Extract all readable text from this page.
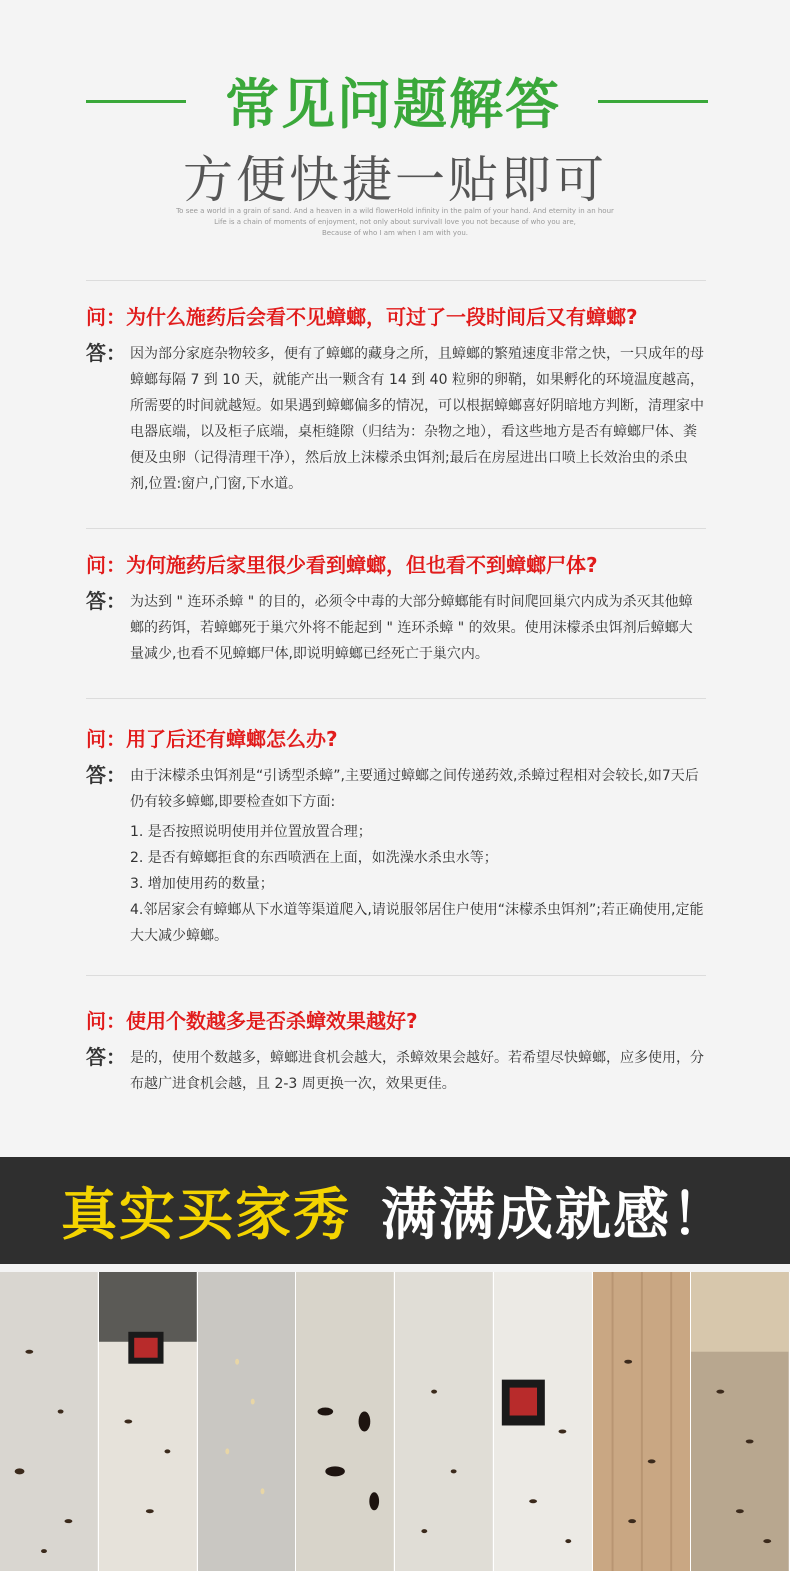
常见问题解答
方便快捷一贴即可
To see a world in a grain of sand. And a heaven in a wild flowerHold infinity in the palm of your hand. And eternity in an hour
Life is a chain of moments of enjoyment, not only about survivalI love you not because of who you are,
Because of who I am when I am with you.
问：为什么施药后会看不见蟑螂，可过了一段时间后又有蟑螂?
答： 因为部分家庭杂物较多，便有了蟑螂的藏身之所，且蟑螂的繁殖速度非常之快，一只成年的母蟑螂每隔 7 到 10 天，就能产出一颗含有 14 到 40 粒卵的卵鞘，如果孵化的环境温度越高，所需要的时间就越短。如果遇到蟑螂偏多的情况，可以根据蟑螂喜好阴暗地方判断，清理家中电器底端，以及柜子底端，桌柜缝隙（归结为：杂物之地），看这些地方是否有蟑螂尸体、粪便及虫卵（记得清理干净），然后放上沫檬杀虫饵剂;最后在房屋进出口喷上长效治虫的杀虫剂,位置:窗户,门窗,下水道。
问：为何施药后家里很少看到蟑螂，但也看不到蟑螂尸体?
答： 为达到 " 连环杀蟑 " 的目的，必须令中毒的大部分蟑螂能有时间爬回巢穴内成为杀灭其他蟑螂的药饵，若蟑螂死于巢穴外将不能起到 " 连环杀蟑 " 的效果。使用沫檬杀虫饵剂后蟑螂大量减少,也看不见蟑螂尸体,即说明蟑螂已经死亡于巢穴内。
问：用了后还有蟑螂怎么办?
答： 由于沫檬杀虫饵剂是“引诱型杀蟑”,主要通过蟑螂之间传递药效,杀蟑过程相对会较长,如7天后仍有较多蟑螂,即要检查如下方面:

1. 是否按照说明使用并位置放置合理；

2. 是否有蟑螂拒食的东西喷洒在上面，如洗澡水杀虫水等；

3. 增加使用药的数量；

4.邻居家会有蟑螂从下水道等渠道爬入,请说服邻居住户使用“沫檬杀虫饵剂”;若正确使用,定能大大减少蟑螂。

问：使用个数越多是否杀蟑效果越好?
答： 是的，使用个数越多，蟑螂进食机会越大，杀蟑效果会越好。若希望尽快蟑螂，应多使用，分布越广进食机会越，且 2-3 周更换一次，效果更佳。
真实买家秀 满满成就感！
